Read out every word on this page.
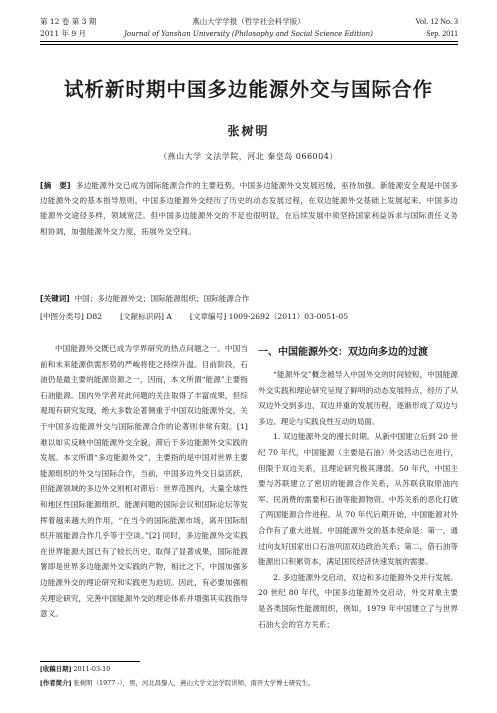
第 12 卷 第 3 期
2011 年 9 月
燕山大学学报（哲学社会科学版）
Journal of Yanshan University (Philosophy and Social Science Edition)
Vol. 12 No. 3
Sep. 2011
试析新时期中国多边能源外交与国际合作
张树明
（燕山大学 文法学院，河北 秦皇岛 066004）
[摘　要] 多边能源外交已成为国际能源合作的主要趋势，中国多边能源外交发展迟缓，巫待加强。新能源安全观是中国多边能源外交的基本指导原则。中国多边能源外交经历了历史的动态发展过程，在双边能源外交基础上发展起来。中国多边能源外交途径多样，领域宽泛。但中国多边能源外交的不足也很明显，在后续发展中须坚持国家利益诉求与国际责任义务相协调，加强能源外交力度，拓展外交空间。
[关键词] 中国；多边能源外交；国际能源组织；国际能源合作
[中图分类号] D82 [文献标识码] A [文章编号] 1009-2692（2011）03-0051-05
中国能源外交既已成为学界研究的热点问题之一。中国当前和未来能源供需形势的严峻将使之持续升温。目前阶段，石油仍是最主要的能源资源之一，因而，本文所谓“能源”主要指石油能源。国内外学者对此问题的关注取得了丰富成果，但综观现有研究发现，绝大多数论著侧重于中国双边能源外交，关于中国多边能源外交与国际能源合作的论著则非常有限。[1]难以如实反映中国能源外交全貌，滞后于多边能源外交实践的发展。本文所谓“多边能源外交”，主要指的是中国对世界主要能源组织的外交与国际合作，当前，中国多边外交日益活跃，但能源领域的多边外交则相对滞后：世界范围内，大量全球性和地区性国际能源组织、能源问题的国际会议和国际论坛等发挥着越来越大的作用，“在当今的国际能源市场，离开国际组织开展能源合作几乎等于空谈。”[2] 同时，多边能源外交实践在世界能源大国已有了较长历史，取得了显著成果，国际能源署即是世界多边能源外交实践的产物，相比之下，中国加强多边能源外交的理论研究和实践更为迫切。因此，有必要加强相关理论研究，完善中国能源外交的理论体系并增强其实践指导意义。
一、中国能源外交：双边向多边的过渡

“能源外交”概念被导入中国外交的时间较短，中国能源外交实践和理论研究呈现了鲜明的动态发展特点，经历了从双边外交到多边、双边并重的发展历程，逐渐形成了双边与多边、理论与实践良性互动的局面。

1. 双边能源外交的漫长时期。从新中国建立后到 20 世纪 70 年代，中国能源（主要是石油）外交活动已在进行，但限于双边关系，且理论研究极其薄弱。50 年代，中国主要与苏联建立了密切的能源合作关系，从苏联获取原油内军、民消费的需要和石油等能源物资。中苏关系的恶化打破了两国能源合作进程。从 70 年代后期开始，中国能源对外合作有了重大进展。中国能源外交的基本使命是：第一，通过向友好国家出口石油巩固双边政治关系；第二，借石油等能源出口积累资本，满足国民经济快速发展的需要。

2. 多边能源外交启动，双边和多边能源外交并行发展。20 世纪 80 年代，中国多边能源外交启动，外交对象主要是各类国际性能源组织，例如，1979 年中国建立了与世界石油大会的官方关系；

[收稿日期] 2011-03-10
[作者简介] 张树明（1977 -），男，河北昌黎人，燕山大学文法学院讲师，南开大学博士研究生。
